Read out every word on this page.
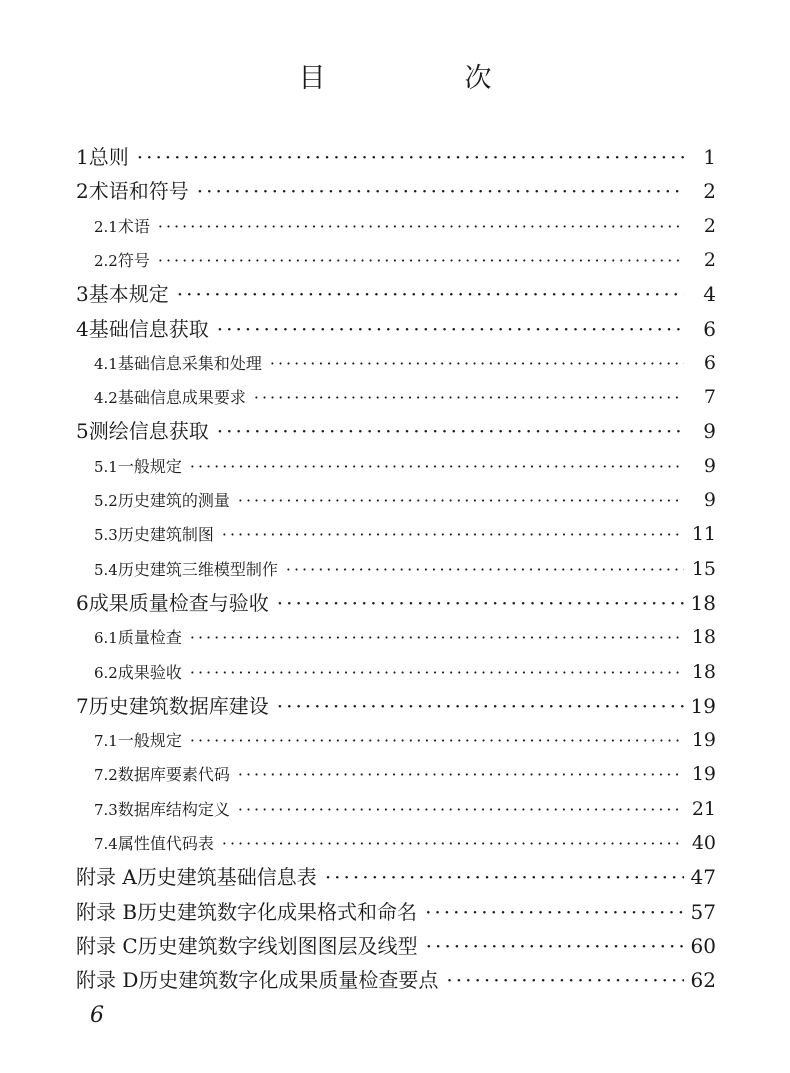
目　次
1 总则 ·····	1
2 术语和符号 ·····	2
2.1 术语 ·····	2
2.2 符号 ·····	2
3 基本规定 ·····	4
4 基础信息获取 ·····	6
4.1 基础信息采集和处理 ·····	6
4.2 基础信息成果要求 ·····	7
5 测绘信息获取 ·····	9
5.1 一般规定 ·····	9
5.2 历史建筑的测量 ·····	9
5.3 历史建筑制图 ·····	11
5.4 历史建筑三维模型制作 ·····	15
6 成果质量检查与验收 ·····	18
6.1 质量检查 ·····	18
6.2 成果验收 ·····	18
7 历史建筑数据库建设 ·····	19
7.1 一般规定 ·····	19
7.2 数据库要素代码 ·····	19
7.3 数据库结构定义 ·····	21
7.4 属性值代码表 ·····	40
附录 A 历史建筑基础信息表 ·····	47
附录 B 历史建筑数字化成果格式和命名 ·····	57
附录 C 历史建筑数字线划图图层及线型 ·····	60
附录 D 历史建筑数字化成果质量检查要点 ·····	62
6
